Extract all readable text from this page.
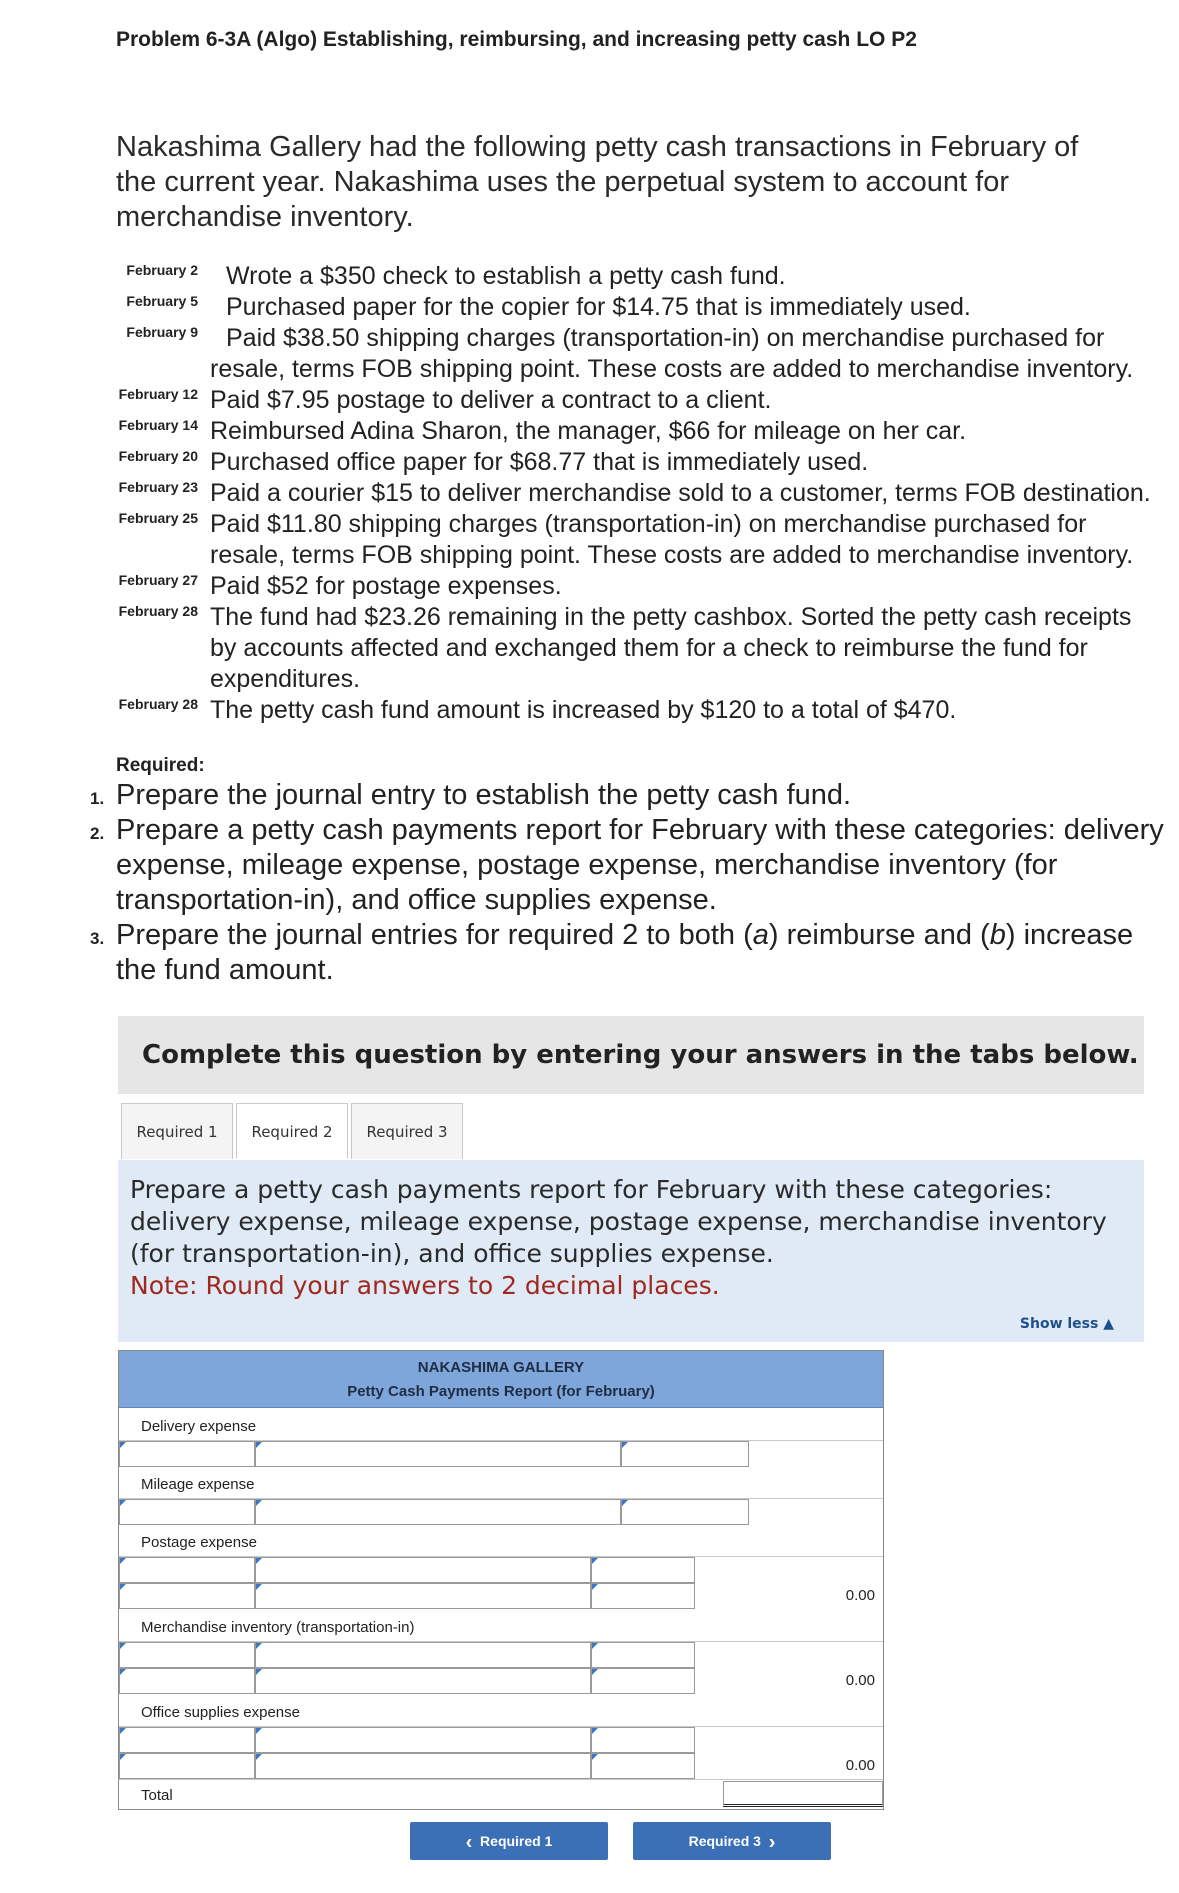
Problem 6-3A (Algo) Establishing, reimbursing, and increasing petty cash LO P2
Nakashima Gallery had the following petty cash transactions in February of the current year. Nakashima uses the perpetual system to account for merchandise inventory.
February 2 Wrote a $350 check to establish a petty cash fund.
February 5 Purchased paper for the copier for $14.75 that is immediately used.
February 9 Paid $38.50 shipping charges (transportation-in) on merchandise purchased for
resale, terms FOB shipping point. These costs are added to merchandise inventory.
February 12 Paid $7.95 postage to deliver a contract to a client.
February 14 Reimbursed Adina Sharon, the manager, $66 for mileage on her car.
February 20 Purchased office paper for $68.77 that is immediately used.
February 23 Paid a courier $15 to deliver merchandise sold to a customer, terms FOB destination.
February 25 Paid $11.80 shipping charges (transportation-in) on merchandise purchased for
resale, terms FOB shipping point. These costs are added to merchandise inventory.
February 27 Paid $52 for postage expenses.
February 28 The fund had $23.26 remaining in the petty cashbox. Sorted the petty cash receipts
by accounts affected and exchanged them for a check to reimburse the fund for
expenditures.
February 28 The petty cash fund amount is increased by $120 to a total of $470.
Required:
1. Prepare the journal entry to establish the petty cash fund.
2. Prepare a petty cash payments report for February with these categories: delivery
expense, mileage expense, postage expense, merchandise inventory (for
transportation-in), and office supplies expense.
3. Prepare the journal entries for required 2 to both (a) reimburse and (b) increase
the fund amount.
Complete this question by entering your answers in the tabs below.
Required 1	Required 2	Required 3
Prepare a petty cash payments report for February with these categories:
delivery expense, mileage expense, postage expense, merchandise inventory
(for transportation-in), and office supplies expense.
Note: Round your answers to 2 decimal places.
Show less ▲
NAKASHIMA GALLERY
Petty Cash Payments Report (for February)
Delivery expense
Mileage expense
Postage expense
0.00
Merchandise inventory (transportation-in)
0.00
Office supplies expense
0.00
Total
‹ Required 1	Required 3 ›
